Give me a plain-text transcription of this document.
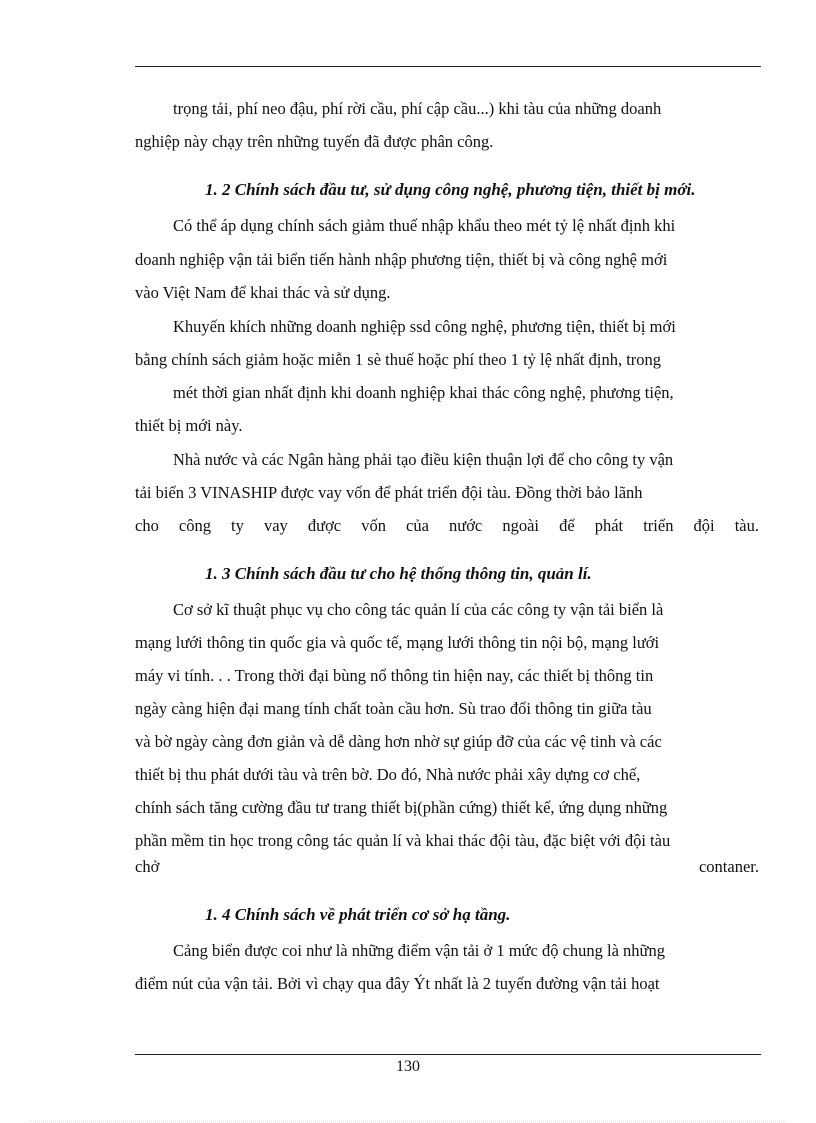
trọng tải, phí neo đậu, phí rời cầu, phí cập cầu...) khi tàu của những doanh
nghiệp này chạy trên những tuyến đã được phân công.
1. 2 Chính sách đầu tư, sử dụng công nghệ, phương tiện, thiết bị mới.
Có thể áp dụng chính sách giảm thuế nhập khẩu theo mét tỷ lệ nhất định khi
doanh nghiệp vận tải biển tiến hành nhập phương tiện, thiết bị và công nghệ mới
vào Việt Nam để khai thác và sử dụng.
Khuyến khích những doanh nghiệp ssd công nghệ, phương tiện, thiết bị mới
bằng chính sách giảm hoặc miễn 1 sè thuế hoặc phí theo 1 tỷ lệ nhất định, trong
mét thời gian nhất định khi doanh nghiệp khai thác công nghệ, phương tiện,
thiết bị mới này.
Nhà nước và các Ngân hàng phải tạo điều kiện thuận lợi để cho công ty vận
tải biển 3 VINASHIP được vay vốn để phát triển đội tàu. Đồng thời bảo lãnh
cho công ty vay được vốn của nước ngoài để phát triển đội tàu.
1. 3 Chính sách đầu tư cho hệ thống thông tin, quản lí.
Cơ sở kĩ thuật phục vụ cho công tác quản lí của các công ty vận tải biển là
mạng lưới thông tin quốc gia và quốc tế, mạng lưới thông tin nội bộ, mạng lưới
máy vi tính. . . Trong thời đại bùng nổ thông tin hiện nay, các thiết bị thông tin
ngày càng hiện đại mang tính chất toàn cầu hơn. Sù trao đổi thông tin giữa tàu
và bờ ngày càng đơn giản và dễ dàng hơn nhờ sự giúp đỡ của các vệ tinh và các
thiết bị thu phát dưới tàu và trên bờ. Do đó, Nhà nước phải xây dựng cơ chế,
chính sách tăng cường đầu tư trang thiết bị(phần cứng) thiết kế, ứng dụng những
phần mềm tin học trong công tác quản lí và khai thác đội tàu, đặc biệt với đội tàu
chở	contaner.
1. 4 Chính sách về phát triển cơ sở hạ tầng.
Cảng biển được coi như là những điểm vận tải ở 1 mức độ chung là những
điểm nút của vận tải. Bởi vì chạy qua đây Ýt nhất là 2 tuyến đường vận tải hoạt
130
